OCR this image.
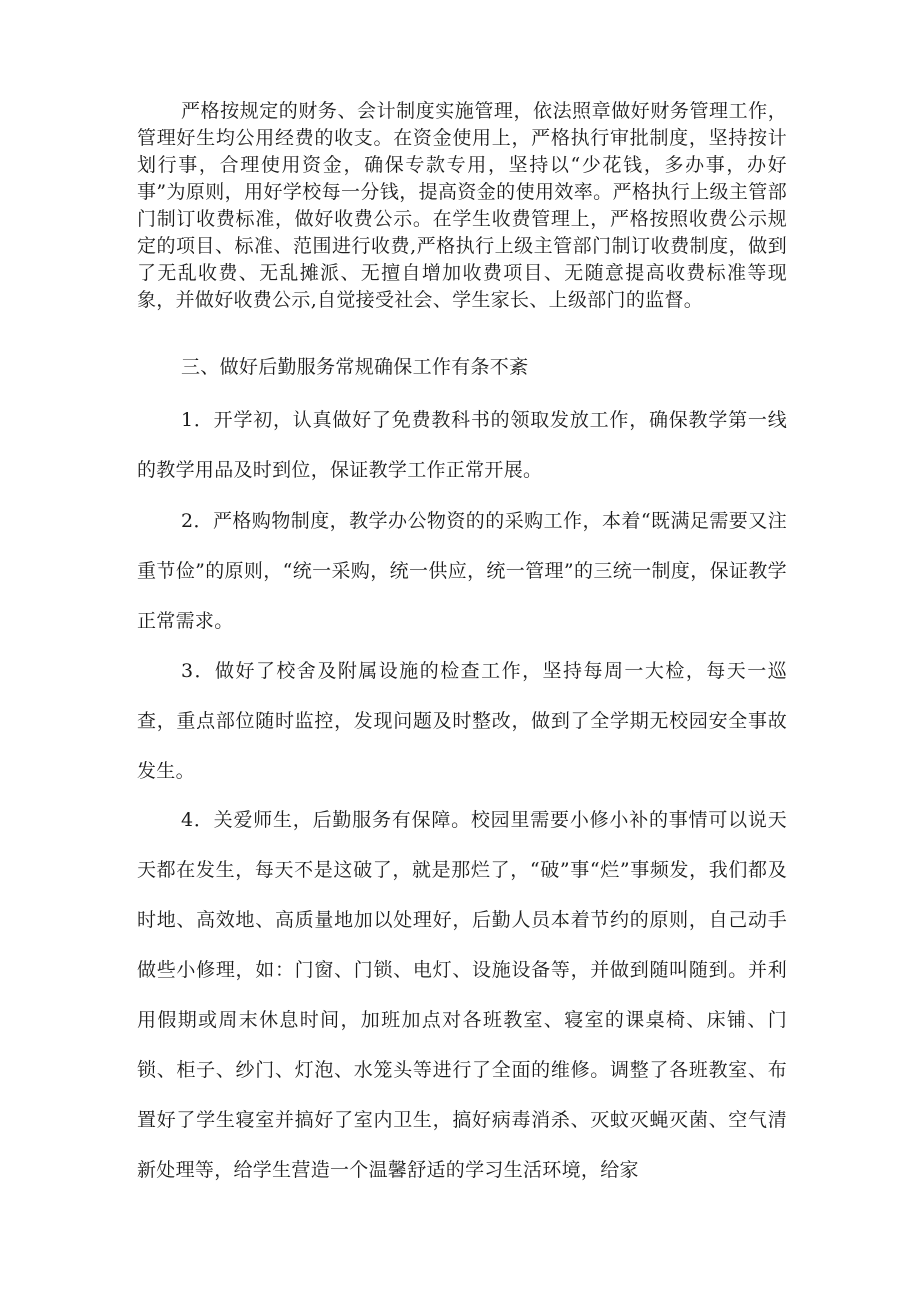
严格按规定的财务、会计制度实施管理，依法照章做好财务管理工作，管理好生均公用经费的收支。在资金使用上，严格执行审批制度，坚持按计划行事，合理使用资金，确保专款专用，坚持以“少花钱，多办事，办好事”为原则，用好学校每一分钱，提高资金的使用效率。严格执行上级主管部门制订收费标准，做好收费公示。在学生收费管理上，严格按照收费公示规定的项目、标准、范围进行收费,严格执行上级主管部门制订收费制度，做到了无乱收费、无乱摊派、无擅自增加收费项目、无随意提高收费标准等现象，并做好收费公示,自觉接受社会、学生家长、上级部门的监督。

三、做好后勤服务常规确保工作有条不紊

1．开学初，认真做好了免费教科书的领取发放工作，确保教学第一线的教学用品及时到位，保证教学工作正常开展。

2．严格购物制度，教学办公物资的的采购工作，本着“既满足需要又注重节俭”的原则，“统一采购，统一供应，统一管理”的三统一制度，保证教学正常需求。

3．做好了校舍及附属设施的检查工作，坚持每周一大检，每天一巡查，重点部位随时监控，发现问题及时整改，做到了全学期无校园安全事故发生。

4．关爱师生，后勤服务有保障。校园里需要小修小补的事情可以说天天都在发生，每天不是这破了，就是那烂了，“破”事“烂”事频发，我们都及时地、高效地、高质量地加以处理好，后勤人员本着节约的原则，自己动手做些小修理，如：门窗、门锁、电灯、设施设备等，并做到随叫随到。并利用假期或周末休息时间，加班加点对各班教室、寝室的课桌椅、床铺、门锁、柜子、纱门、灯泡、水笼头等进行了全面的维修。调整了各班教室、布置好了学生寝室并搞好了室内卫生，搞好病毒消杀、灭蚊灭蝇灭菌、空气清新处理等，给学生营造一个温馨舒适的学习生活环境，给家
